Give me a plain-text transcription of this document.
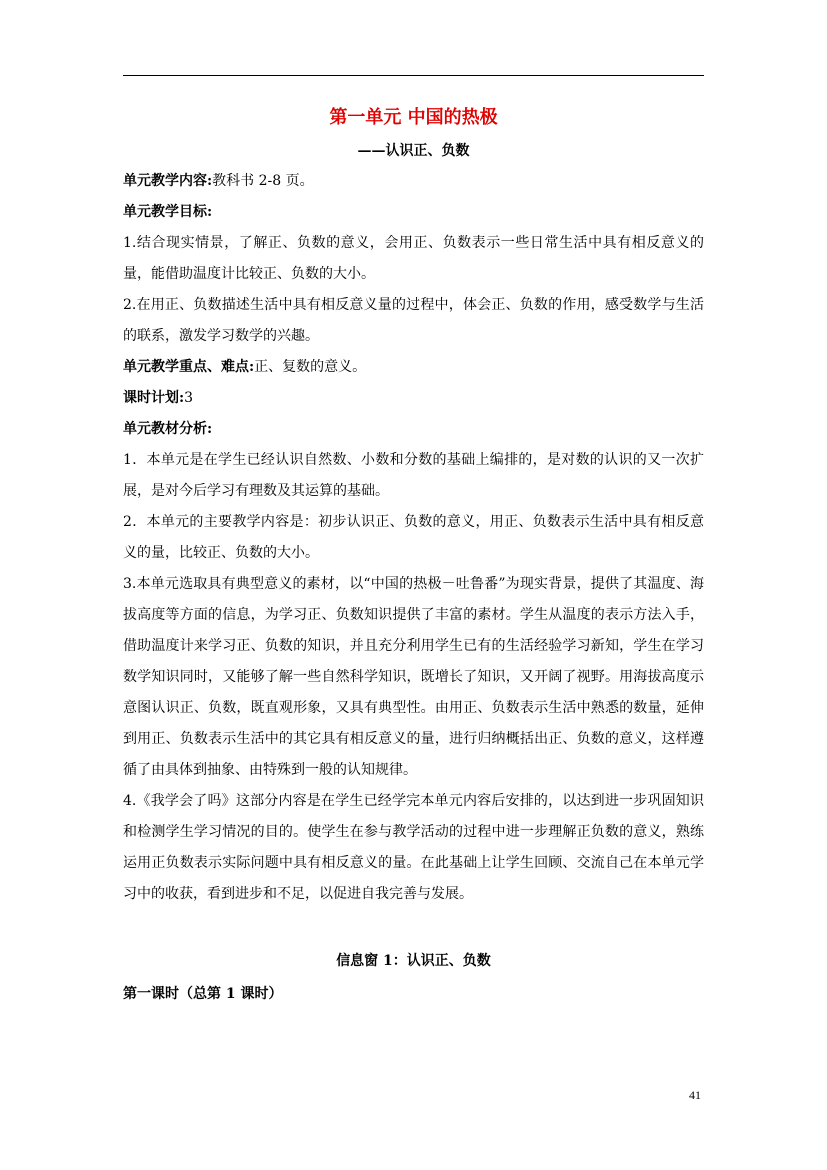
第一单元 中国的热极

——认识正、负数

单元教学内容:教科书 2-8 页。

单元教学目标:

1.结合现实情景，了解正、负数的意义，会用正、负数表示一些日常生活中具有相反意义的量，能借助温度计比较正、负数的大小。

2.在用正、负数描述生活中具有相反意义量的过程中，体会正、负数的作用，感受数学与生活的联系，激发学习数学的兴趣。

单元教学重点、难点:正、复数的意义。

课时计划:3

单元教材分析:

1．本单元是在学生已经认识自然数、小数和分数的基础上编排的，是对数的认识的又一次扩展，是对今后学习有理数及其运算的基础。

2．本单元的主要教学内容是：初步认识正、负数的意义，用正、负数表示生活中具有相反意义的量，比较正、负数的大小。

3.本单元选取具有典型意义的素材，以“中国的热极－吐鲁番”为现实背景，提供了其温度、海拔高度等方面的信息，为学习正、负数知识提供了丰富的素材。学生从温度的表示方法入手，借助温度计来学习正、负数的知识，并且充分利用学生已有的生活经验学习新知，学生在学习数学知识同时，又能够了解一些自然科学知识，既增长了知识，又开阔了视野。用海拔高度示意图认识正、负数，既直观形象，又具有典型性。由用正、负数表示生活中熟悉的数量，延伸到用正、负数表示生活中的其它具有相反意义的量，进行归纳概括出正、负数的意义，这样遵循了由具体到抽象、由特殊到一般的认知规律。

4.《我学会了吗》这部分内容是在学生已经学完本单元内容后安排的，以达到进一步巩固知识和检测学生学习情况的目的。使学生在参与教学活动的过程中进一步理解正负数的意义，熟练运用正负数表示实际问题中具有相反意义的量。在此基础上让学生回顾、交流自己在本单元学习中的收获，看到进步和不足，以促进自我完善与发展。

信息窗 1：认识正、负数

第一课时（总第 1 课时）

41
